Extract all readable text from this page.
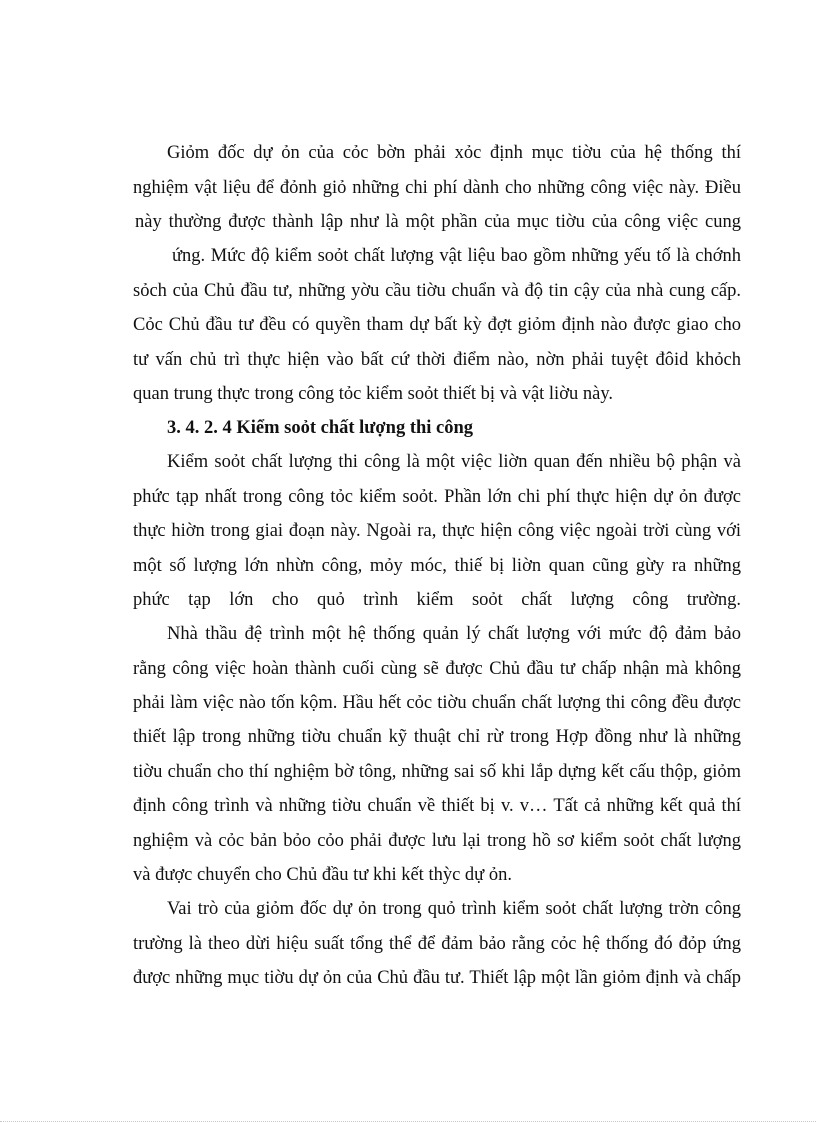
Giỏm đốc dự ỏn của cỏc bờn phải xỏc định mục tiờu của hệ thống thí
nghiệm vật liệu để đỏnh giỏ những chi phí dành cho những công việc này. Điều
này thường được thành lập như là một phần của mục tiờu của công việc cung
ứng. Mức độ kiểm soỏt chất lượng vật liệu bao gồm những yếu tố là chớnh
sỏch của Chủ đầu tư, những yờu cầu tiờu chuẩn và độ tin cậy của nhà cung cấp.
Cỏc Chủ đầu tư đều có quyền tham dự bất kỳ đợt giỏm định nào được giao cho
tư vấn chủ trì thực hiện vào bất cứ thời điểm nào, nờn phải tuyệt đôid khỏch
quan trung thực trong công tỏc kiểm soỏt thiết bị và vật liờu này.
3. 4. 2. 4 Kiểm soỏt chất lượng thi công
Kiểm soỏt chất lượng thi công là một việc liờn quan đến nhiều bộ phận và
phức tạp nhất trong công tỏc kiểm soỏt. Phần lớn chi phí thực hiện dự ỏn được
thực hiờn trong giai đoạn này. Ngoài ra, thực hiện công việc ngoài trời cùng với
một số lượng lớn nhừn công, mỏy móc, thiế bị liờn quan cũng gừy ra những
phức tạp lớn cho quỏ trình kiểm soỏt chất lượng công trường.
Nhà thầu đệ trình một hệ thống quản lý chất lượng với mức độ đảm bảo
rằng công việc hoàn thành cuối cùng sẽ được Chủ đầu tư chấp nhận mà không
phải làm việc nào tốn kộm. Hầu hết cỏc tiờu chuẩn chất lượng thi công đều được
thiết lập trong những tiờu chuẩn kỹ thuật chỉ rừ trong Hợp đồng như là những
tiờu chuẩn cho thí nghiệm bờ tông, những sai số khi lắp dựng kết cấu thộp, giỏm
định công trình và những tiờu chuẩn về thiết bị v. v… Tất cả những kết quả thí
nghiệm và cỏc bản bỏo cỏo phải được lưu lại trong hồ sơ kiểm soỏt chất lượng
và được chuyển cho Chủ đầu tư khi kết thỳc dự ỏn.
Vai trò của giỏm đốc dự ỏn trong quỏ trình kiểm soỏt chất lượng trờn công
trường là theo dừi hiệu suất tổng thể để đảm bảo rằng cỏc hệ thống đó đỏp ứng
được những mục tiờu dự ỏn của Chủ đầu tư. Thiết lập một lần giỏm định và chấp
